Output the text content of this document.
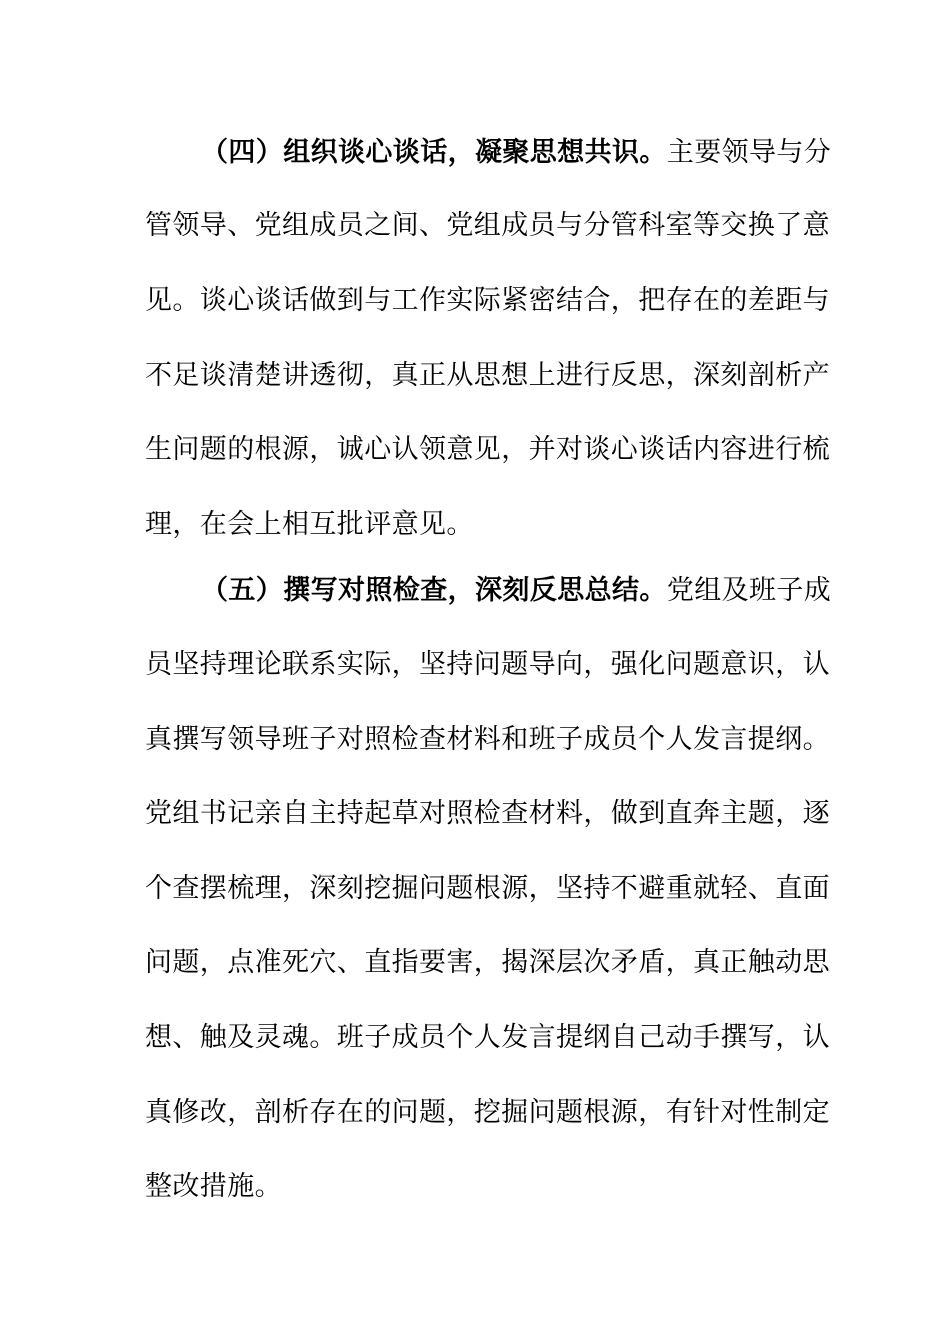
（四）组织谈心谈话，凝聚思想共识。主要领导与分
管领导、党组成员之间、党组成员与分管科室等交换了意
见。谈心谈话做到与工作实际紧密结合，把存在的差距与
不足谈清楚讲透彻，真正从思想上进行反思，深刻剖析产
生问题的根源，诚心认领意见，并对谈心谈话内容进行梳
理，在会上相互批评意见。
（五）撰写对照检查，深刻反思总结。党组及班子成
员坚持理论联系实际，坚持问题导向，强化问题意识，认
真撰写领导班子对照检查材料和班子成员个人发言提纲。
党组书记亲自主持起草对照检查材料，做到直奔主题，逐
个查摆梳理，深刻挖掘问题根源，坚持不避重就轻、直面
问题，点准死穴、直指要害，揭深层次矛盾，真正触动思
想、触及灵魂。班子成员个人发言提纲自己动手撰写，认
真修改，剖析存在的问题，挖掘问题根源，有针对性制定
整改措施。
